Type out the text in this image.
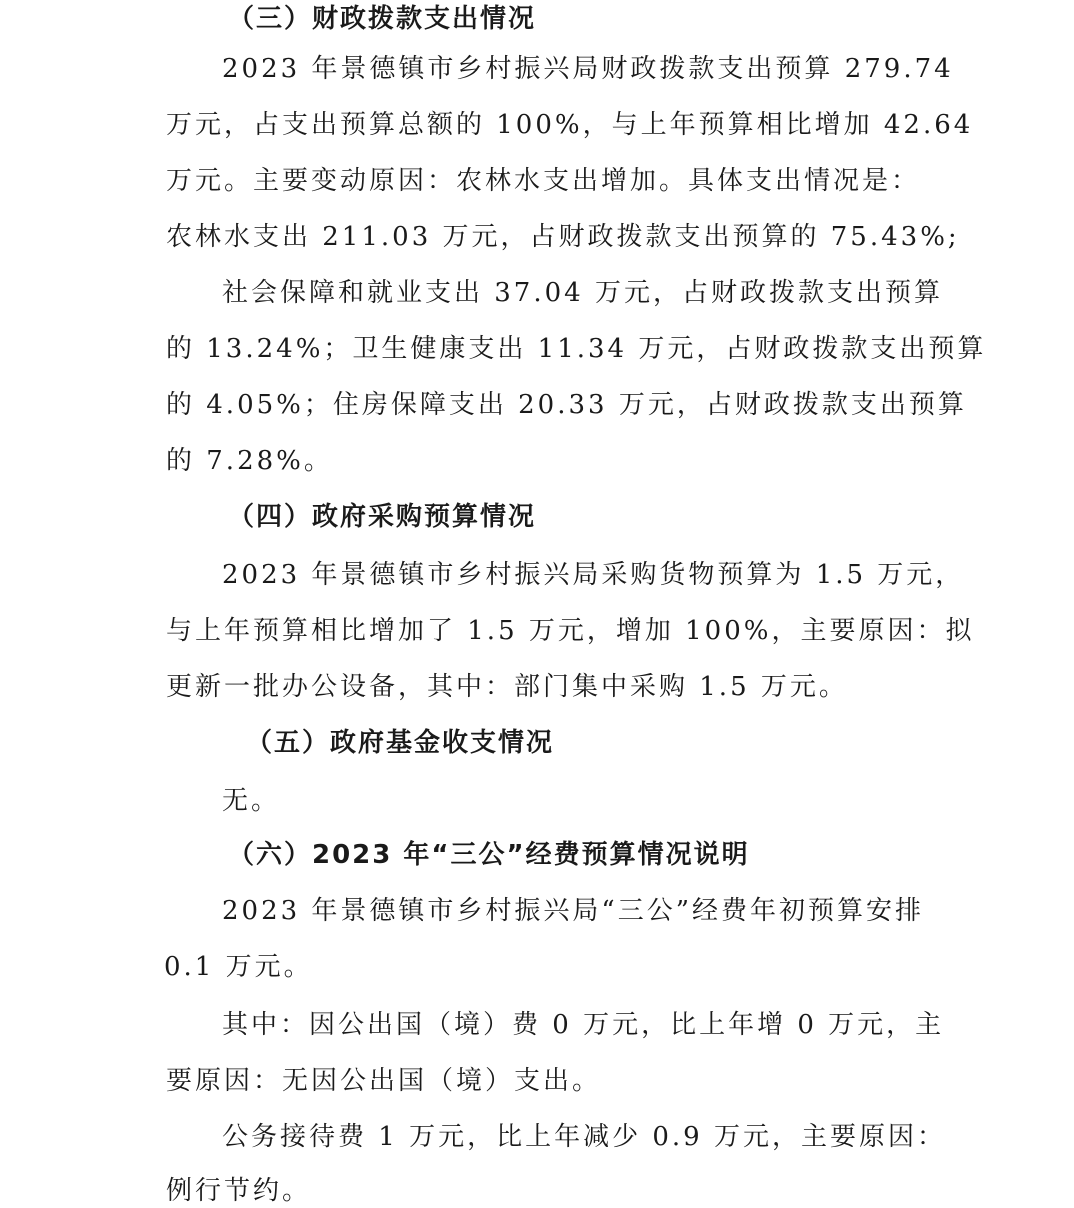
（三）财政拨款支出情况
2023 年景德镇市乡村振兴局财政拨款支出预算 279.74
万元，占支出预算总额的 100%，与上年预算相比增加 42.64
万元。主要变动原因：农林水支出增加。具体支出情况是：
农林水支出 211.03 万元，占财政拨款支出预算的 75.43%;
社会保障和就业支出 37.04 万元，占财政拨款支出预算
的 13.24%；卫生健康支出 11.34 万元，占财政拨款支出预算
的 4.05%；住房保障支出 20.33 万元，占财政拨款支出预算
的 7.28%。
（四）政府采购预算情况
2023 年景德镇市乡村振兴局采购货物预算为 1.5 万元，
与上年预算相比增加了 1.5 万元，增加 100%，主要原因：拟
更新一批办公设备，其中：部门集中采购 1.5 万元。
（五）政府基金收支情况
无。
（六）2023 年“三公”经费预算情况说明
2023 年景德镇市乡村振兴局“三公”经费年初预算安排
0.1 万元。
其中：因公出国（境）费 0 万元，比上年增 0 万元，主
要原因：无因公出国（境）支出。
公务接待费 1 万元，比上年减少 0.9 万元，主要原因：
例行节约。
